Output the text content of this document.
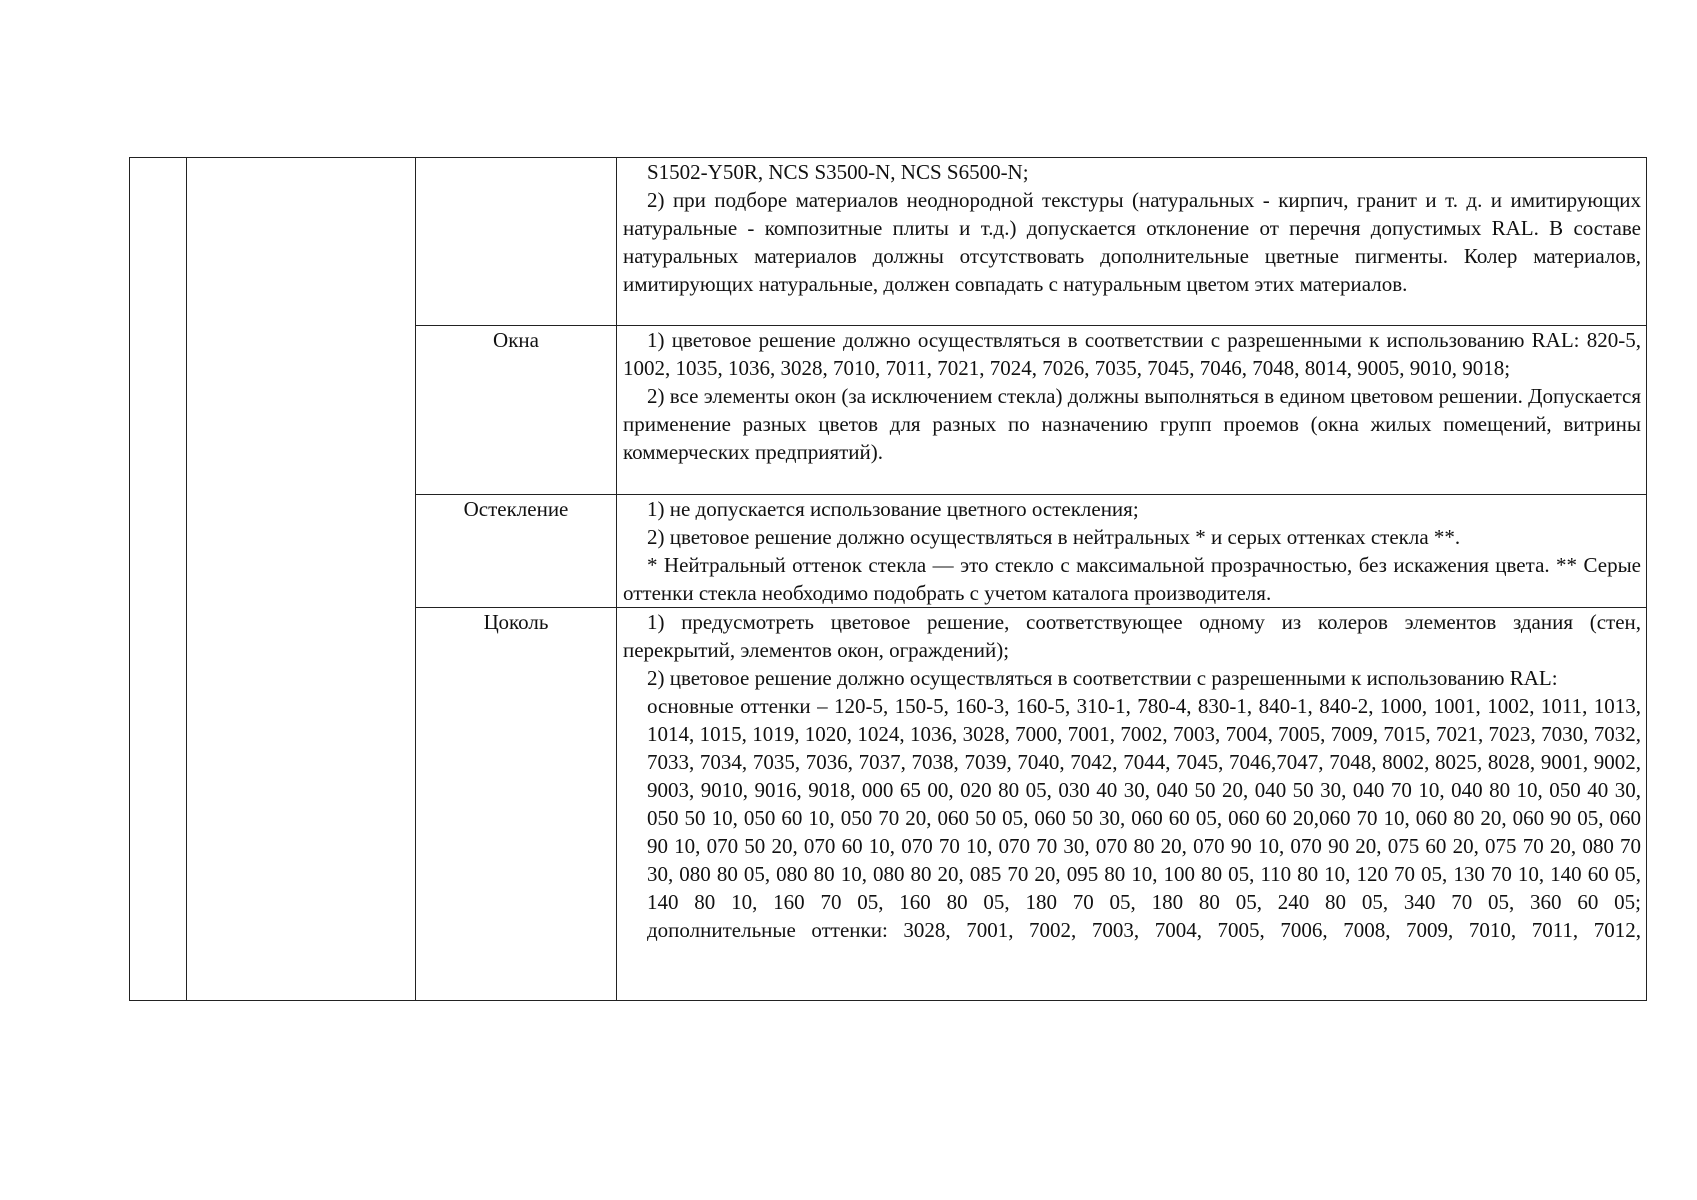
			S1502-Y50R, NCS S3500-N, NCS S6500-N;

2) при подборе материалов неоднородной текстуры (натуральных - кирпич, гранит и т. д. и имитирующих натуральные - композитные плиты и т.д.) допускается отклонение от перечня допустимых RAL. В составе натуральных материалов должны отсутствовать дополнительные цветные пигменты. Колер материалов, имитирующих натуральные, должен совпадать с натуральным цветом этих материалов.

		Окна	1) цветовое решение должно осуществляться в соответствии с разрешенными к использованию RAL: 820-5, 1002, 1035, 1036, 3028, 7010, 7011, 7021, 7024, 7026, 7035, 7045, 7046, 7048, 8014, 9005, 9010, 9018;

2) все элементы окон (за исключением стекла) должны выполняться в едином цветовом решении. Допускается применение разных цветов для разных по назначению групп проемов (окна жилых помещений, витрины коммерческих предприятий).

		Остекление	1) не допускается использование цветного остекления;

2) цветовое решение должно осуществляться в нейтральных * и серых оттенках стекла **.

* Нейтральный оттенок стекла — это стекло с максимальной прозрачностью, без искажения цвета. ** Серые оттенки стекла необходимо подобрать с учетом каталога производителя.

		Цоколь	1) предусмотреть цветовое решение, соответствующее одному из колеров элементов здания (стен, перекрытий, элементов окон, ограждений);

2) цветовое решение должно осуществляться в соответствии с разрешенными к использованию RAL:

основные оттенки – 120-5, 150-5, 160-3, 160-5, 310-1, 780-4, 830-1, 840-1, 840-2, 1000, 1001, 1002, 1011, 1013, 1014, 1015, 1019, 1020, 1024, 1036, 3028, 7000, 7001, 7002, 7003, 7004, 7005, 7009, 7015, 7021, 7023, 7030, 7032, 7033, 7034, 7035, 7036, 7037, 7038, 7039, 7040, 7042, 7044, 7045, 7046,7047, 7048, 8002, 8025, 8028, 9001, 9002, 9003, 9010, 9016, 9018, 000 65 00, 020 80 05, 030 40 30, 040 50 20, 040 50 30, 040 70 10, 040 80 10, 050 40 30, 050 50 10, 050 60 10, 050 70 20, 060 50 05, 060 50 30, 060 60 05, 060 60 20,060 70 10, 060 80 20, 060 90 05, 060 90 10, 070 50 20, 070 60 10, 070 70 10, 070 70 30, 070 80 20, 070 90 10, 070 90 20, 075 60 20, 075 70 20, 080 70 30, 080 80 05, 080 80 10, 080 80 20, 085 70 20, 095 80 10, 100 80 05, 110 80 10, 120 70 05, 130 70 10, 140 60 05, 140 80 10, 160 70 05, 160 80 05, 180 70 05, 180 80 05, 240 80 05, 340 70 05, 360 60 05;

дополнительные оттенки: 3028, 7001, 7002, 7003, 7004, 7005, 7006, 7008, 7009, 7010, 7011, 7012,
